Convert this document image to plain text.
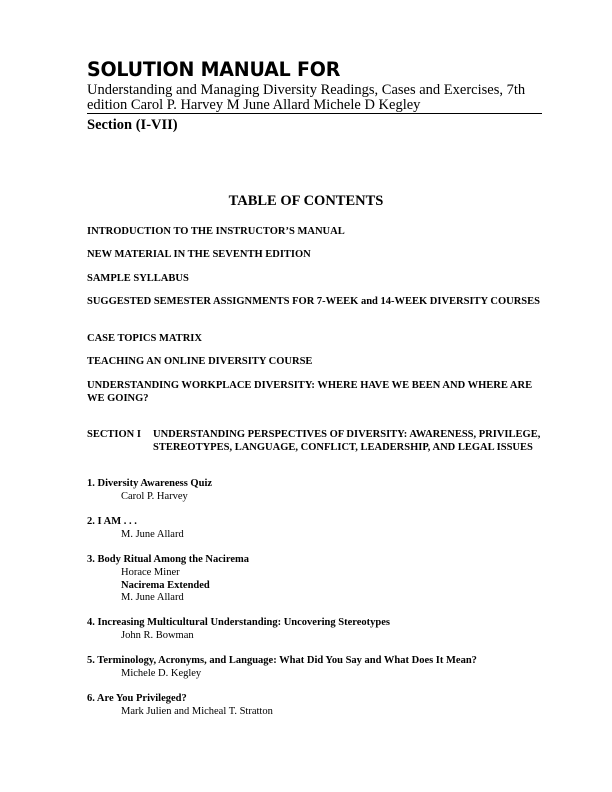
SOLUTION MANUAL FOR
Understanding and Managing Diversity Readings, Cases and Exercises, 7th edition Carol P. Harvey M June Allard Michele D Kegley
Section (I-VII)
TABLE OF CONTENTS
INTRODUCTION TO THE INSTRUCTOR’S MANUAL
NEW MATERIAL IN THE SEVENTH EDITION
SAMPLE SYLLABUS
SUGGESTED SEMESTER ASSIGNMENTS FOR 7-WEEK and 14-WEEK DIVERSITY COURSES
CASE TOPICS MATRIX
TEACHING AN ONLINE DIVERSITY COURSE
UNDERSTANDING WORKPLACE DIVERSITY: WHERE HAVE WE BEEN AND WHERE ARE WE GOING?
SECTION I UNDERSTANDING PERSPECTIVES OF DIVERSITY: AWARENESS, PRIVILEGE, STEREOTYPES, LANGUAGE, CONFLICT, LEADERSHIP, AND LEGAL ISSUES
1. Diversity Awareness Quiz
Carol P. Harvey
2. I AM . . .
M. June Allard
3. Body Ritual Among the Nacirema
Horace Miner
Nacirema Extended
M. June Allard
4. Increasing Multicultural Understanding: Uncovering Stereotypes
John R. Bowman
5. Terminology, Acronyms, and Language: What Did You Say and What Does It Mean?
Michele D. Kegley
6. Are You Privileged?
Mark Julien and Micheal T. Stratton
